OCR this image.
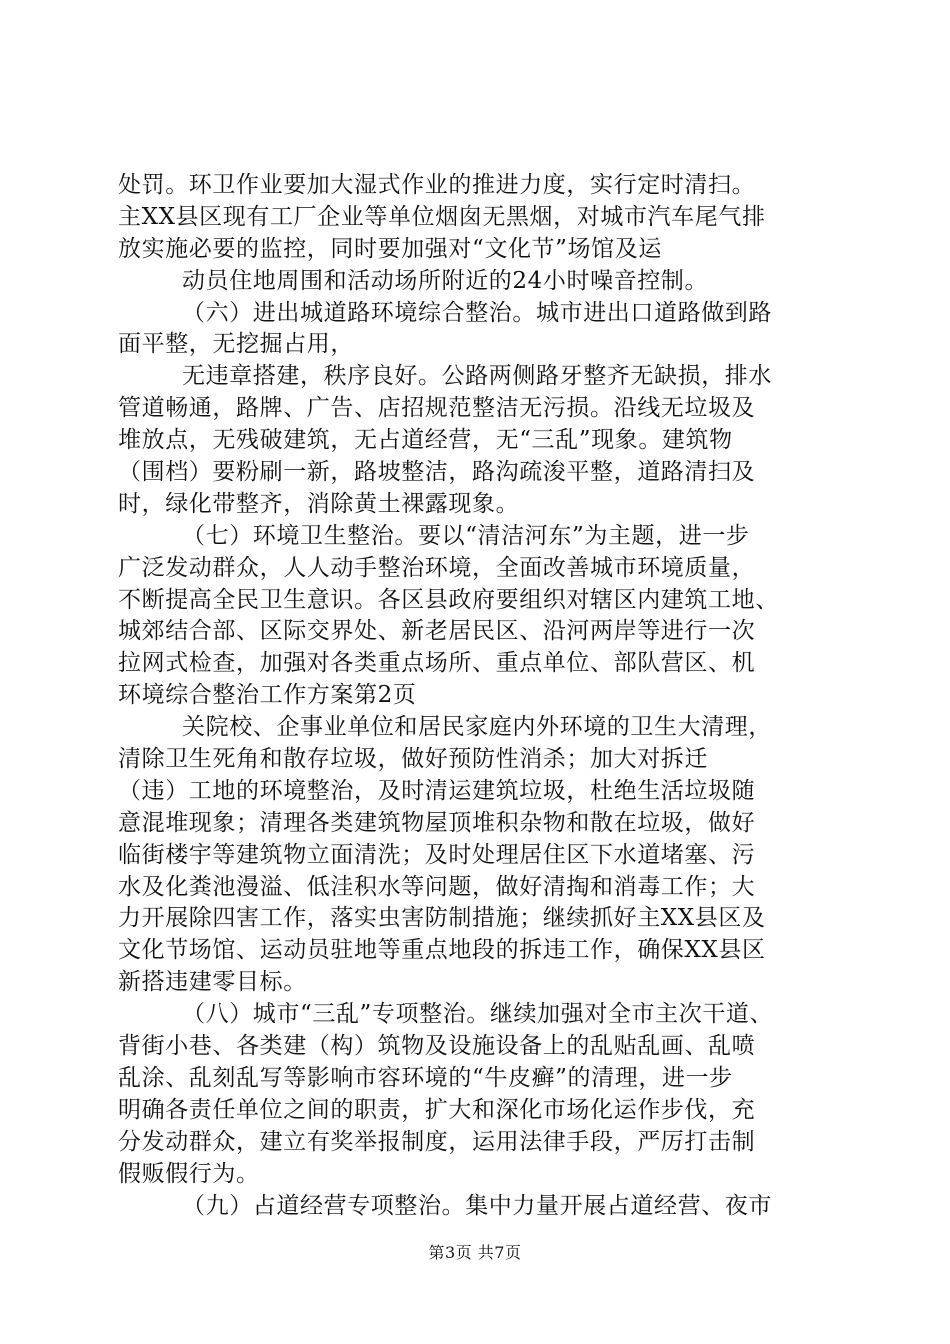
处罚。环卫作业要加大湿式作业的推进力度，实行定时清扫。
主XX县区现有工厂企业等单位烟囱无黑烟，对城市汽车尾气排
放实施必要的监控，同时要加强对“文化节”场馆及运
动员住地周围和活动场所附近的24小时噪音控制。
（六）进出城道路环境综合整治。城市进出口道路做到路
面平整，无挖掘占用，
无违章搭建，秩序良好。公路两侧路牙整齐无缺损，排水
管道畅通，路牌、广告、店招规范整洁无污损。沿线无垃圾及
堆放点，无残破建筑，无占道经营，无“三乱”现象。建筑物
（围档）要粉刷一新，路坡整洁，路沟疏浚平整，道路清扫及
时，绿化带整齐，消除黄土裸露现象。
（七）环境卫生整治。要以“清洁河东”为主题，进一步
广泛发动群众，人人动手整治环境，全面改善城市环境质量，
不断提高全民卫生意识。各区县政府要组织对辖区内建筑工地、
城郊结合部、区际交界处、新老居民区、沿河两岸等进行一次
拉网式检查，加强对各类重点场所、重点单位、部队营区、机
环境综合整治工作方案第2页
关院校、企事业单位和居民家庭内外环境的卫生大清理，
清除卫生死角和散存垃圾，做好预防性消杀；加大对拆迁
（违）工地的环境整治，及时清运建筑垃圾，杜绝生活垃圾随
意混堆现象；清理各类建筑物屋顶堆积杂物和散在垃圾，做好
临街楼宇等建筑物立面清洗；及时处理居住区下水道堵塞、污
水及化粪池漫溢、低洼积水等问题，做好清掏和消毒工作；大
力开展除四害工作，落实虫害防制措施；继续抓好主XX县区及
文化节场馆、运动员驻地等重点地段的拆违工作，确保XX县区
新搭违建零目标。
（八）城市“三乱”专项整治。继续加强对全市主次干道、
背街小巷、各类建（构）筑物及设施设备上的乱贴乱画、乱喷
乱涂、乱刻乱写等影响市容环境的“牛皮癣”的清理，进一步
明确各责任单位之间的职责，扩大和深化市场化运作步伐，充
分发动群众，建立有奖举报制度，运用法律手段，严厉打击制
假贩假行为。
（九）占道经营专项整治。集中力量开展占道经营、夜市
第3页 共7页
